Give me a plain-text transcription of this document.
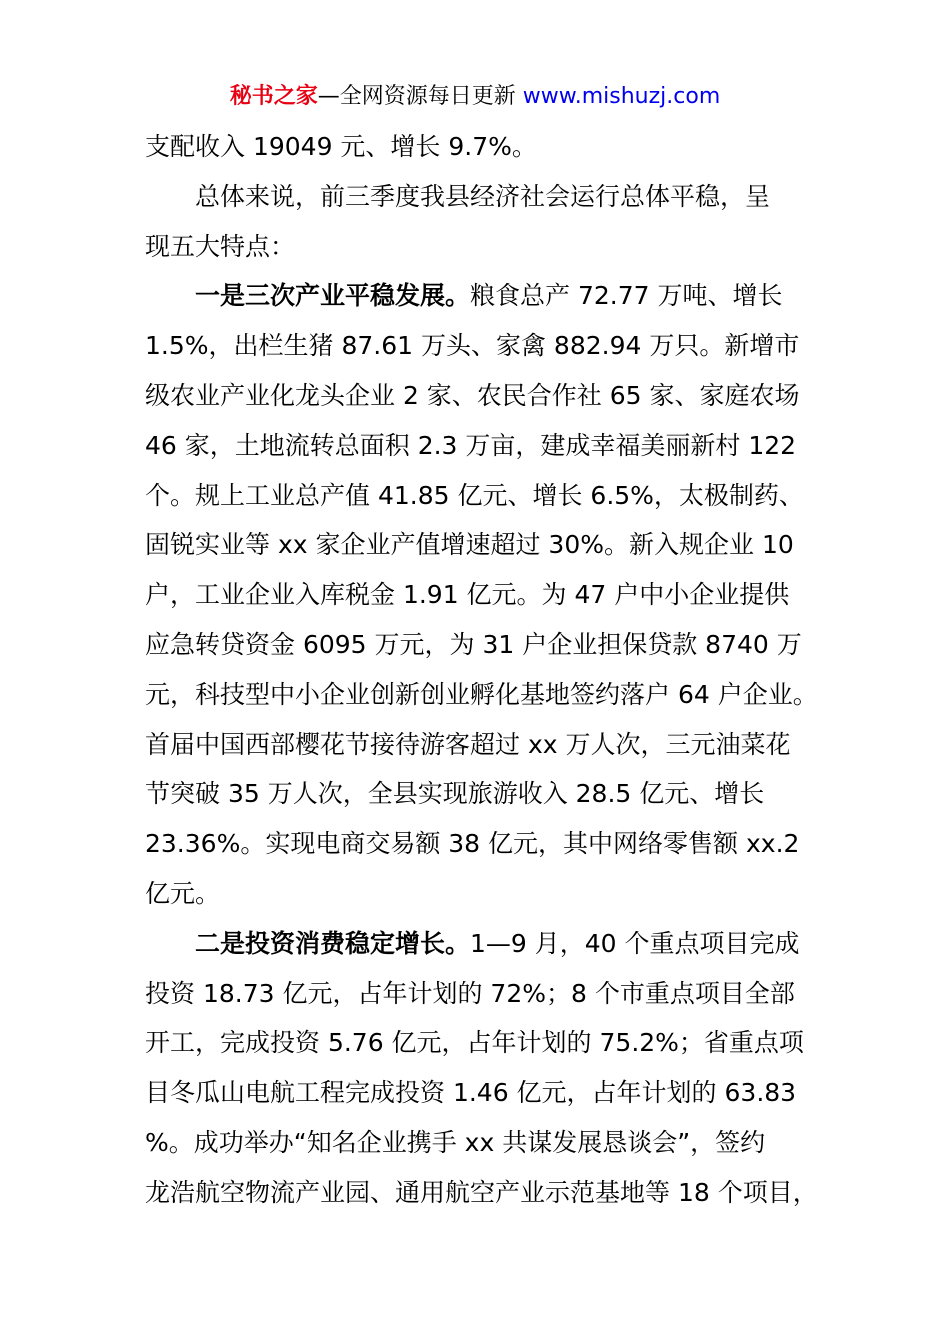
秘书之家—全网资源每日更新 www.mishuzj.com
支配收入 19049 元、增长 9.7%。
总体来说，前三季度我县经济社会运行总体平稳，呈
现五大特点：
一是三次产业平稳发展。粮食总产 72.77 万吨、增长
1.5%，出栏生猪 87.61 万头、家禽 882.94 万只。新增市
级农业产业化龙头企业 2 家、农民合作社 65 家、家庭农场
46 家，土地流转总面积 2.3 万亩，建成幸福美丽新村 122
个。规上工业总产值 41.85 亿元、增长 6.5%，太极制药、
固锐实业等 xx 家企业产值增速超过 30%。新入规企业 10
户，工业企业入库税金 1.91 亿元。为 47 户中小企业提供
应急转贷资金 6095 万元，为 31 户企业担保贷款 8740 万
元，科技型中小企业创新创业孵化基地签约落户 64 户企业。
首届中国西部樱花节接待游客超过 xx 万人次，三元油菜花
节突破 35 万人次，全县实现旅游收入 28.5 亿元、增长
23.36%。实现电商交易额 38 亿元，其中网络零售额 xx.2
亿元。
二是投资消费稳定增长。1—9 月，40 个重点项目完成
投资 18.73 亿元，占年计划的 72%；8 个市重点项目全部
开工，完成投资 5.76 亿元，占年计划的 75.2%；省重点项
目冬瓜山电航工程完成投资 1.46 亿元，占年计划的 63.83
%。成功举办“知名企业携手 xx 共谋发展恳谈会”，签约
龙浩航空物流产业园、通用航空产业示范基地等 18 个项目，
